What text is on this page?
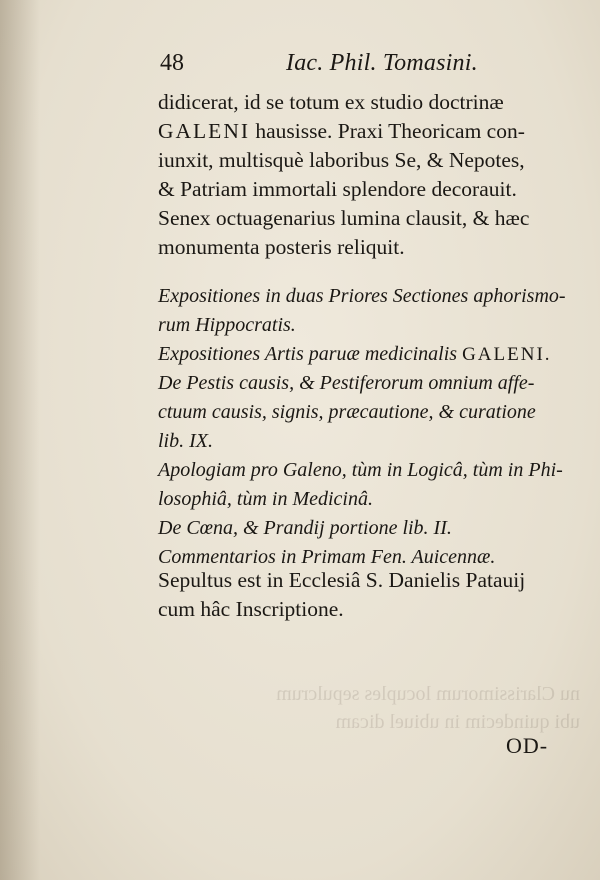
48	Iac. Phil. Tomasini.
didicerat, id se totum ex studio doctrinæ
GALENI hausisse. Praxi Theoricam con-
iunxit, multisquè laboribus Se, & Nepotes,
& Patriam immortali splendore decorauit.
Senex octuagenarius lumina clausit, & hæc
monumenta posteris reliquit.
Expositiones in duas Priores Sectiones aphorismo-
rum Hippocratis.
Expositiones Artis paruæ medicinalis GALENI.
De Pestis causis, & Pestiferorum omnium affe-
ctuum causis, signis, præcautione, & curatione
lib. IX.
Apologiam pro Galeno, tùm in Logicâ, tùm in Phi-
losophiâ, tùm in Medicinâ.
De Cœna, & Prandij portione lib. II.
Commentarios in Primam Fen. Auicennæ.
Sepultus est in Ecclesiâ S. Danielis Patauij
cum hâc Inscriptione.
nu Clarissimorum locuples sepulcrum
ubi quindecim in ubiuel dicam
OD-
